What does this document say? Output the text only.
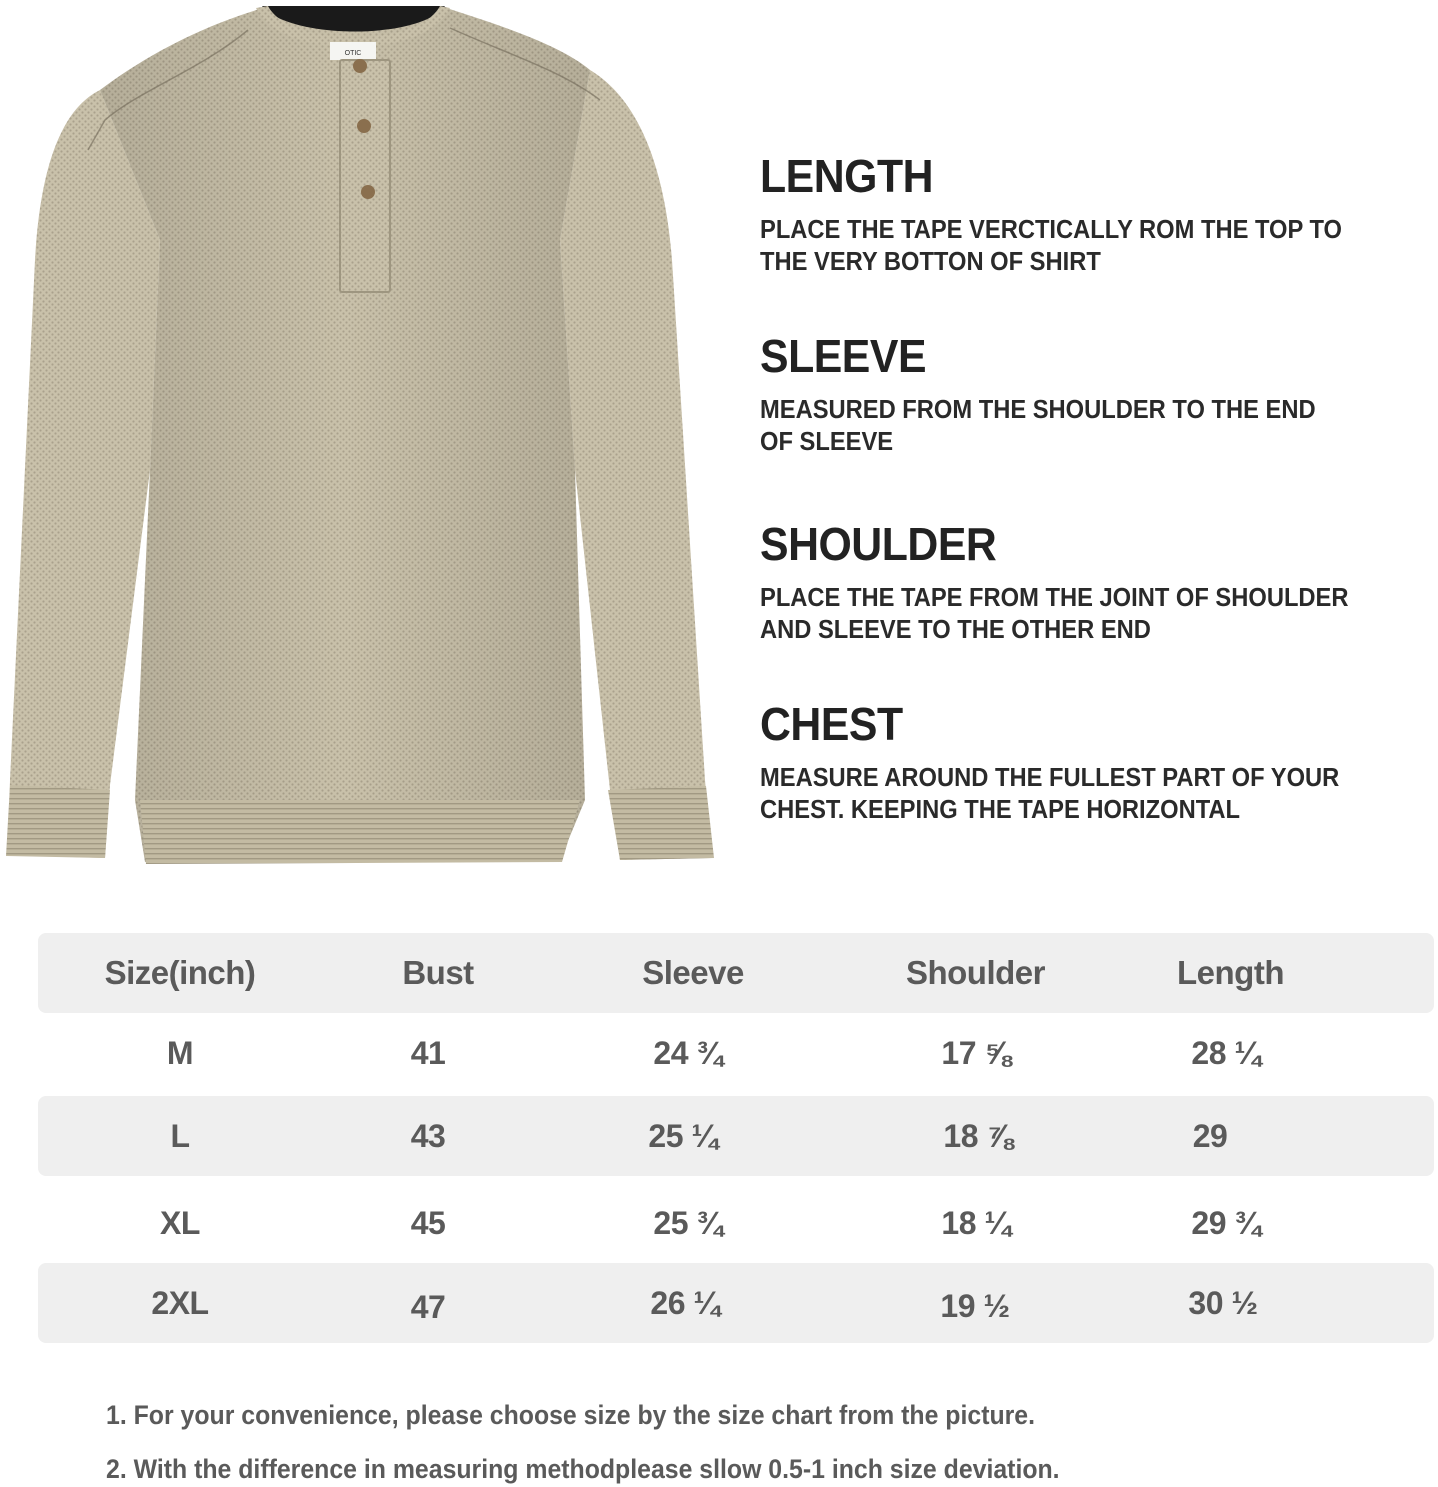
OTIC
LENGTH
PLACE THE TAPE VERCTICALLY ROM THE TOP TO
THE VERY BOTTON OF SHIRT
SLEEVE
MEASURED FROM THE SHOULDER TO THE END
OF SLEEVE
SHOULDER
PLACE THE TAPE FROM THE JOINT OF SHOULDER
AND SLEEVE TO THE OTHER END
CHEST
MEASURE AROUND THE FULLEST PART OF YOUR
CHEST. KEEPING THE TAPE HORIZONTAL
Size(inch)	Bust	Sleeve	Shoulder	Length
M	41	24 ¾	17 ⅝	28 ¼
L	43	25 ¼	18 ⅞	29
XL	45	25 ¾	18 ¼	29 ¾
2XL	47	26 ¼	19 ½	30 ½
1. For your convenience, please choose size by the size chart from the picture.
2. With the difference in measuring methodplease sllow 0.5-1 inch size deviation.
